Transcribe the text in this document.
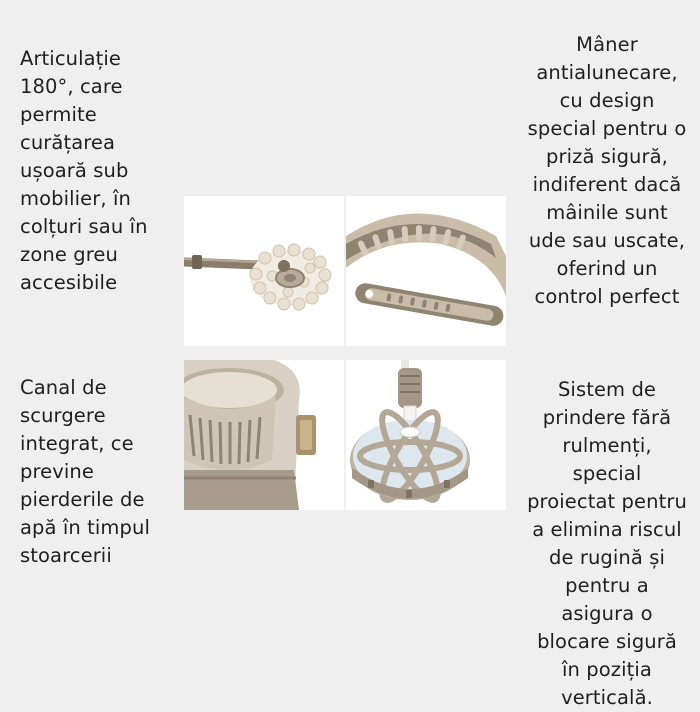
Articulație 180°, care permite curățarea ușoară sub mobilier, în colțuri sau în zone greu accesibile

Mâner antialunecare, cu design special pentru o priză sigură, indiferent dacă mâinile sunt ude sau uscate, oferind un control perfect

Canal de scurgere integrat, ce previne pierderile de apă în timpul stoarcerii

Sistem de prindere fără rulmenți, special proiectat pentru a elimina riscul de rugină și pentru a asigura o blocare sigură în poziția verticală.
